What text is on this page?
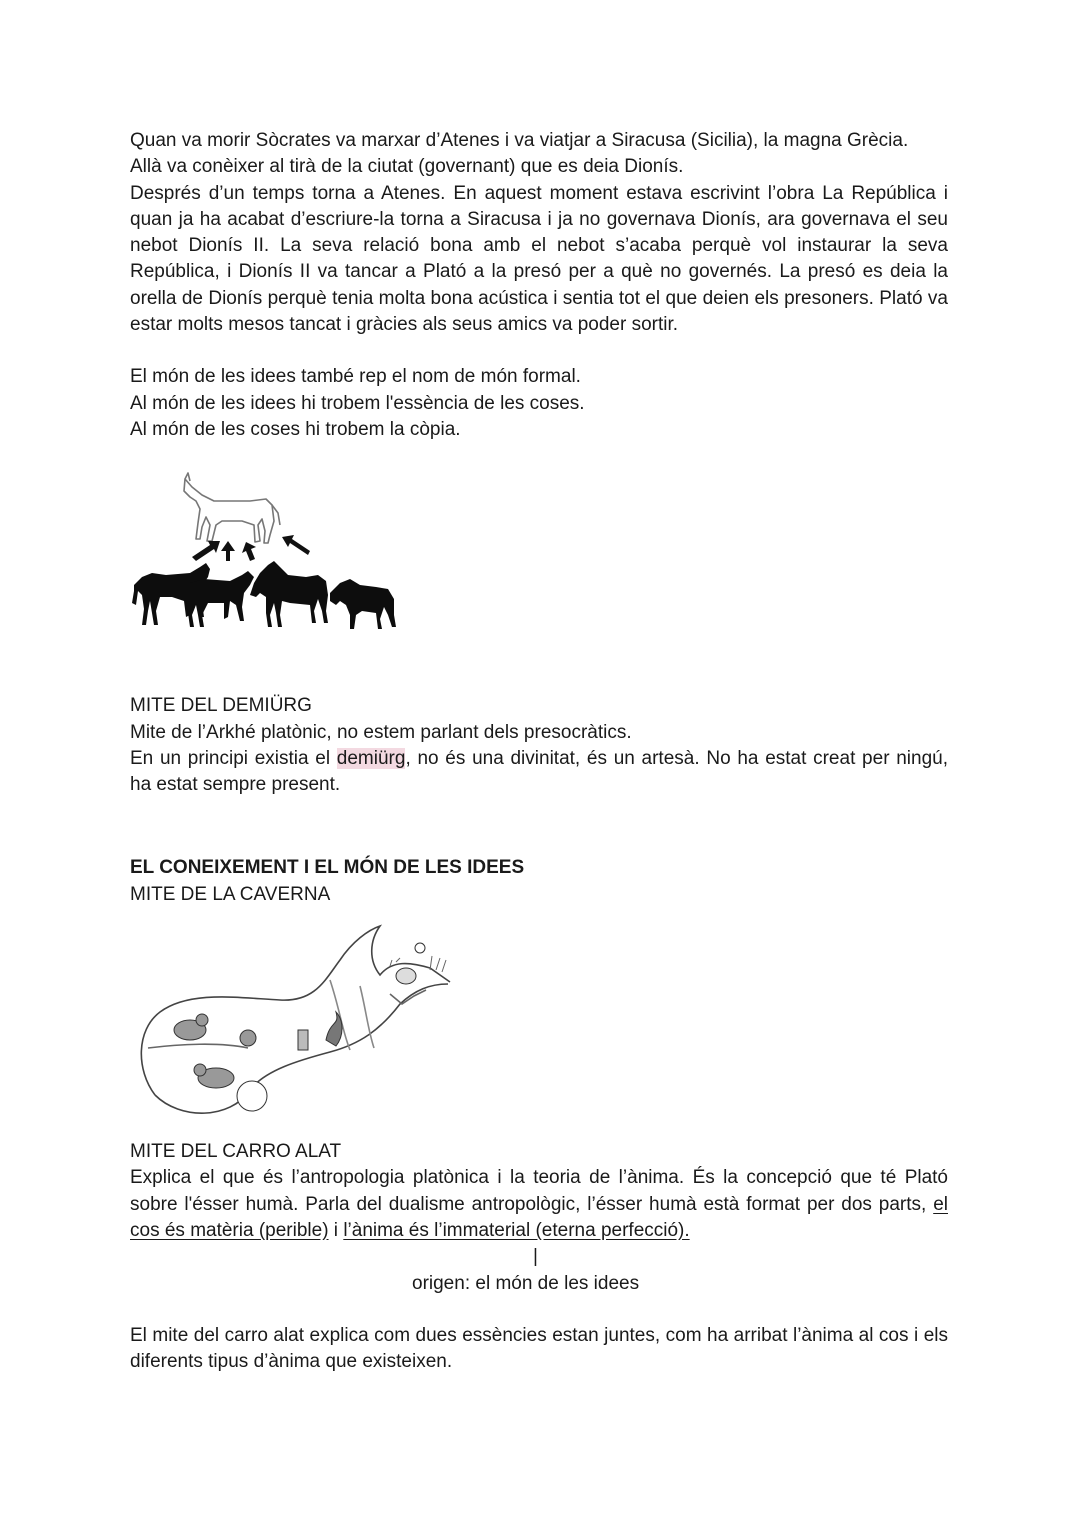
Quan va morir Sòcrates va marxar d’Atenes i va viatjar a Siracusa (Sicilia), la magna Grècia.
Allà va conèixer al tirà de la ciutat (governant) que es deia Dionís.

Després d’un temps torna a Atenes. En aquest moment estava escrivint l’obra La República i quan ja ha acabat d’escriure-la torna a Siracusa i ja no governava Dionís, ara governava el seu nebot Dionís II. La seva relació bona amb el nebot s’acaba perquè vol instaurar la seva República, i Dionís II va tancar a Plató a la presó per a què no governés. La presó es deia la orella de Dionís perquè tenia molta bona acústica i sentia tot el que deien els presoners. Plató va estar molts mesos tancat i gràcies als seus amics va poder sortir.

El món de les idees també rep el nom de món formal.
Al món de les idees hi trobem l'essència de les coses.
Al món de les coses hi trobem la còpia.

MITE DEL DEMIÜRG
Mite de l’Arkhé platònic, no estem parlant dels presocràtics.

En un principi existia el demiürg, no és una divinitat, és un artesà. No ha estat creat per ningú, ha estat sempre present.

EL CONEIXEMENT I EL MÓN DE LES IDEES
MITE DE LA CAVERNA

MITE DEL CARRO ALAT

Explica el que és l’antropologia platònica i la teoria de l’ànima. És la concepció que té Plató sobre l'ésser humà. Parla del dualisme antropològic, l’ésser humà està format per dos parts, el cos és matèria (perible) i l’ànima és l’immaterial (eterna perfecció).

|
origen: el món de les idees

El mite del carro alat explica com dues essències estan juntes, com ha arribat l’ànima al cos i els diferents tipus d’ànima que existeixen.
